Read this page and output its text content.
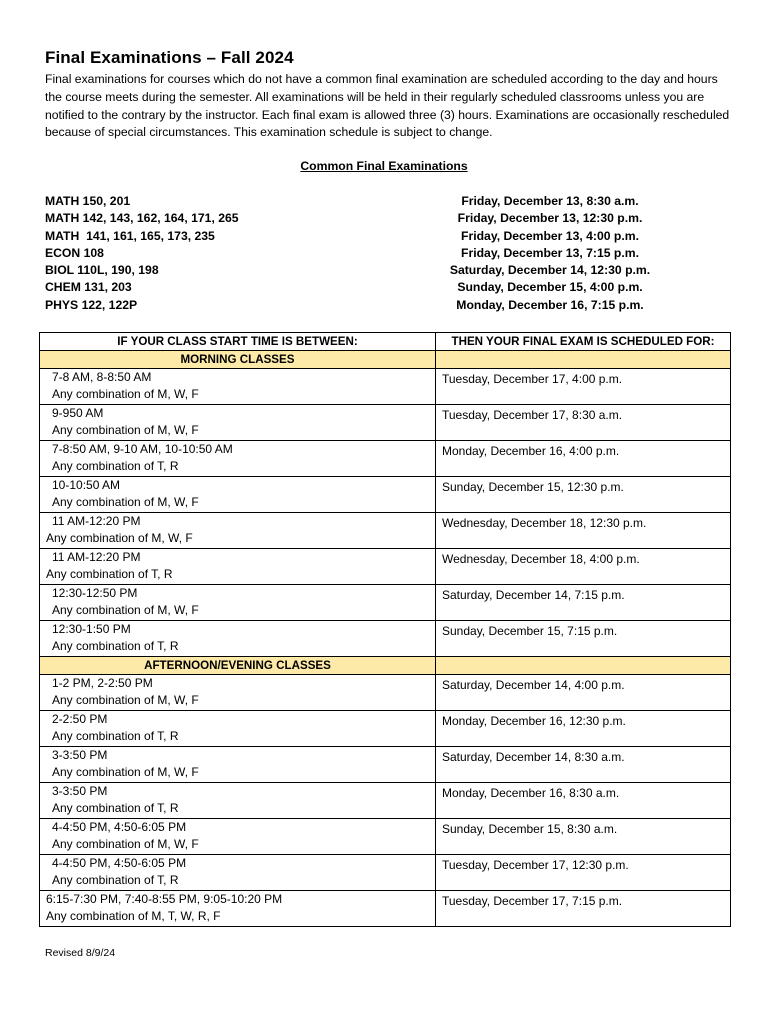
Final Examinations – Fall 2024

Final examinations for courses which do not have a common final examination are scheduled according to the day and hours the course meets during the semester. All examinations will be held in their regularly scheduled classrooms unless you are notified to the contrary by the instructor. Each final exam is allowed three (3) hours. Examinations are occasionally rescheduled because of special circumstances. This examination schedule is subject to change.

Common Final Examinations
MATH 150, 201	Friday, December 13, 8:30 a.m.
MATH 142, 143, 162, 164, 171, 265	Friday, December 13, 12:30 p.m.
MATH  141, 161, 165, 173, 235	Friday, December 13, 4:00 p.m.
ECON 108	Friday, December 13, 7:15 p.m.
BIOL 110L, 190, 198	Saturday, December 14, 12:30 p.m.
CHEM 131, 203	Sunday, December 15, 4:00 p.m.
PHYS 122, 122P	Monday, December 16, 7:15 p.m.
IF YOUR CLASS START TIME IS BETWEEN:	THEN YOUR FINAL EXAM IS SCHEDULED FOR:
MORNING CLASSES	

7-8 AM, 8-8:50 AM
Any combination of M, W, F	Tuesday, December 17, 4:00 p.m.

9-950 AM
Any combination of M, W, F	Tuesday, December 17, 8:30 a.m.

7-8:50 AM, 9-10 AM, 10-10:50 AM
Any combination of T, R	Monday, December 16, 4:00 p.m.

10-10:50 AM
Any combination of M, W, F	Sunday, December 15, 12:30 p.m.

11 AM-12:20 PM
Any combination of M, W, F	Wednesday, December 18, 12:30 p.m.

11 AM-12:20 PM
Any combination of T, R	Wednesday, December 18, 4:00 p.m.

12:30-12:50 PM
Any combination of M, W, F	Saturday, December 14, 7:15 p.m.

12:30-1:50 PM
Any combination of T, R	Sunday, December 15, 7:15 p.m.
AFTERNOON/EVENING CLASSES	

1-2 PM, 2-2:50 PM
Any combination of M, W, F	Saturday, December 14, 4:00 p.m.

2-2:50 PM
Any combination of T, R	Monday, December 16, 12:30 p.m.

3-3:50 PM
Any combination of M, W, F	Saturday, December 14, 8:30 a.m.

3-3:50 PM
Any combination of T, R	Monday, December 16, 8:30 a.m.

4-4:50 PM, 4:50-6:05 PM
Any combination of M, W, F	Sunday, December 15, 8:30 a.m.

4-4:50 PM, 4:50-6:05 PM
Any combination of T, R	Tuesday, December 17, 12:30 p.m.

6:15-7:30 PM, 7:40-8:55 PM, 9:05-10:20 PM
Any combination of M, T, W, R, F	Tuesday, December 17, 7:15 p.m.
Revised 8/9/24
